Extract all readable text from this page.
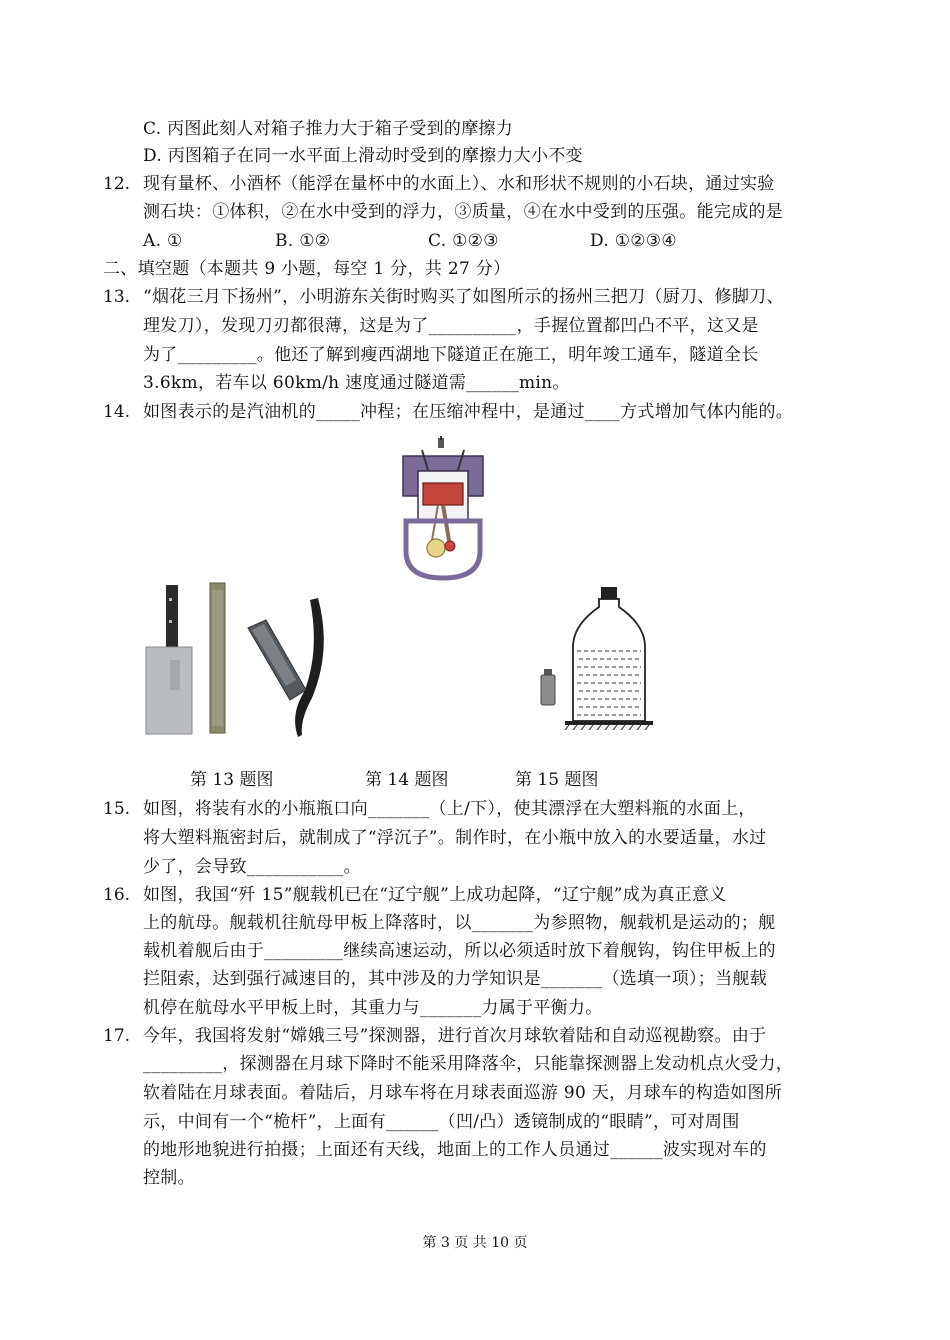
C. 丙图此刻人对箱子推力大于箱子受到的摩擦力
D. 丙图箱子在同一水平面上滑动时受到的摩擦力大小不变
12. 现有量杯、小酒杯（能浮在量杯中的水面上）、水和形状不规则的小石块，通过实验
测石块：①体积，②在水中受到的浮力，③质量，④在水中受到的压强。能完成的是
A. ①	B. ①②	C. ①②③	D. ①②③④
二、填空题（本题共 9 小题，每空 1 分，共 27 分）
13. “烟花三月下扬州”，小明游东关街时购买了如图所示的扬州三把刀（厨刀、修脚刀、
理发刀），发现刀刃都很薄，这是为了__________，手握位置都凹凸不平，这又是
为了_________。他还了解到瘦西湖地下隧道正在施工，明年竣工通车，隧道全长
3.6km，若车以 60km/h 速度通过隧道需______min。
14. 如图表示的是汽油机的_____冲程；在压缩冲程中，是通过____方式增加气体内能的。
第 13 题图	第 14 题图	第 15 题图
15. 如图，将装有水的小瓶瓶口向_______（上/下），使其漂浮在大塑料瓶的水面上，
将大塑料瓶密封后，就制成了“浮沉子”。制作时，在小瓶中放入的水要适量，水过
少了，会导致___________。
16. 如图，我国“歼 15”舰载机已在“辽宁舰”上成功起降，“辽宁舰”成为真正意义
上的航母。舰载机往航母甲板上降落时，以_______为参照物，舰载机是运动的；舰
载机着舰后由于_________继续高速运动，所以必须适时放下着舰钩，钩住甲板上的
拦阻索，达到强行减速目的，其中涉及的力学知识是_______（选填一项）；当舰载
机停在航母水平甲板上时，其重力与_______力属于平衡力。
17. 今年，我国将发射“嫦娥三号”探测器，进行首次月球软着陆和自动巡视勘察。由于
_________，探测器在月球下降时不能采用降落伞，只能靠探测器上发动机点火受力，
软着陆在月球表面。着陆后，月球车将在月球表面巡游 90 天，月球车的构造如图所
示，中间有一个“桅杆”，上面有______（凹/凸）透镜制成的“眼睛”，可对周围
的地形地貌进行拍摄；上面还有天线，地面上的工作人员通过______波实现对车的
控制。
第 3 页 共 10 页
